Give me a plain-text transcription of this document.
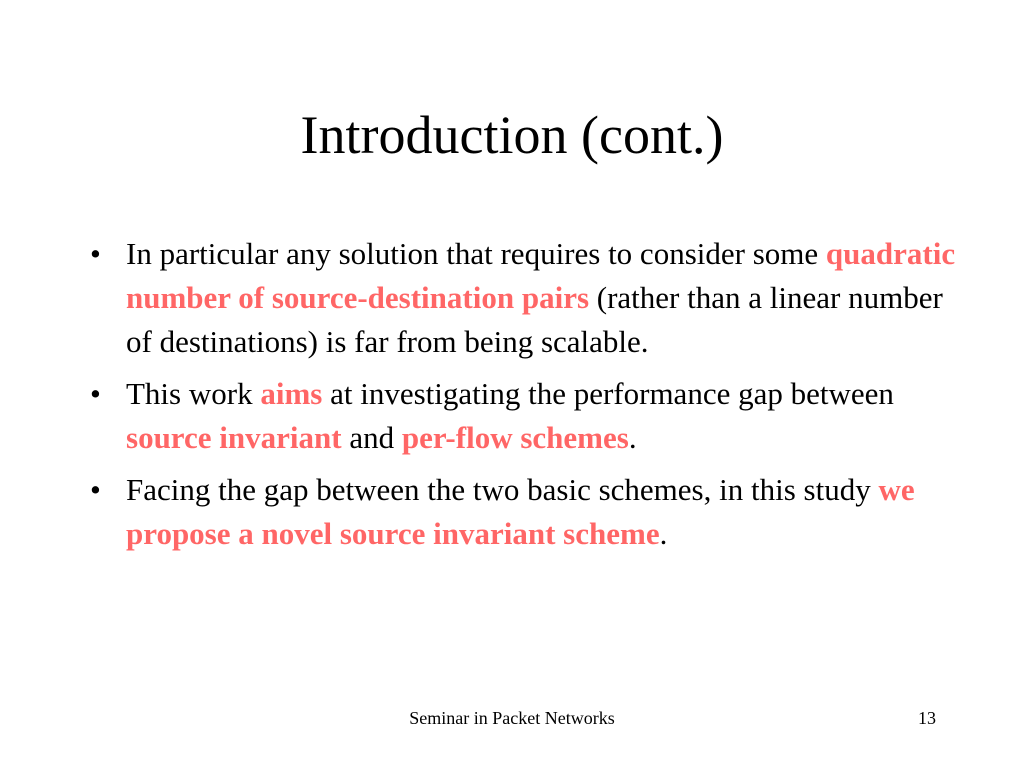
Introduction (cont.)
• In particular any solution that requires to consider some quadratic number of source-destination pairs (rather than a linear number of destinations) is far from being scalable.
• This work aims at investigating the performance gap between source invariant and per-flow schemes.
• Facing the gap between the two basic schemes, in this study we propose a novel source invariant scheme.
Seminar in Packet Networks	13
